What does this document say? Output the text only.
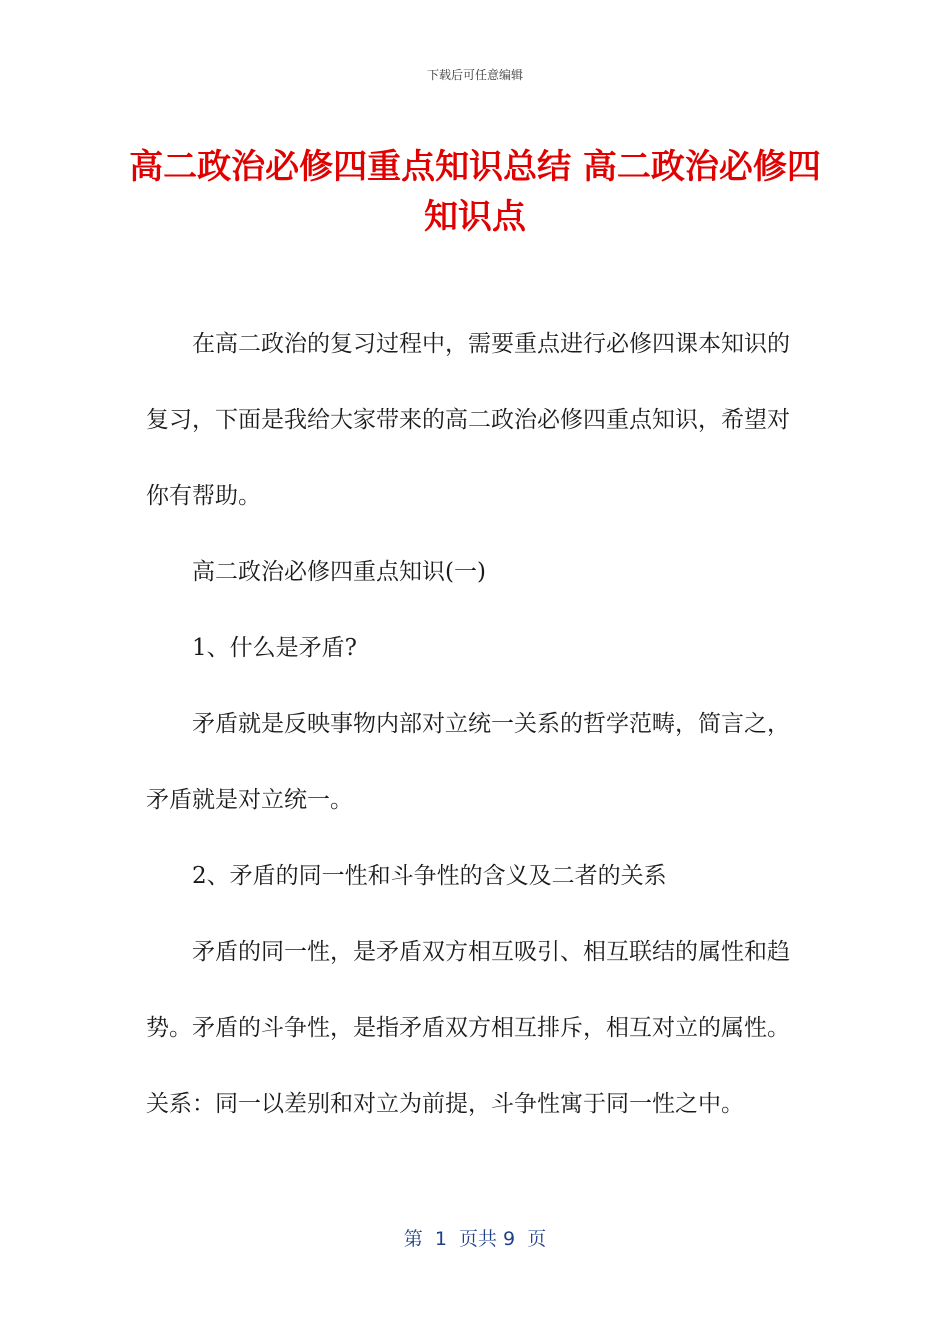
下载后可任意编辑
高二政治必修四重点知识总结 高二政治必修四知识点

在高二政治的复习过程中，需要重点进行必修四课本知识的复习，下面是我给大家带来的高二政治必修四重点知识，希望对你有帮助。

高二政治必修四重点知识(一)

1、什么是矛盾?

矛盾就是反映事物内部对立统一关系的哲学范畴，简言之，矛盾就是对立统一。

2、矛盾的同一性和斗争性的含义及二者的关系

矛盾的同一性，是矛盾双方相互吸引、相互联结的属性和趋势。矛盾的斗争性，是指矛盾双方相互排斥，相互对立的属性。关系：同一以差别和对立为前提，斗争性寓于同一性之中。

第  1  页共 9  页
